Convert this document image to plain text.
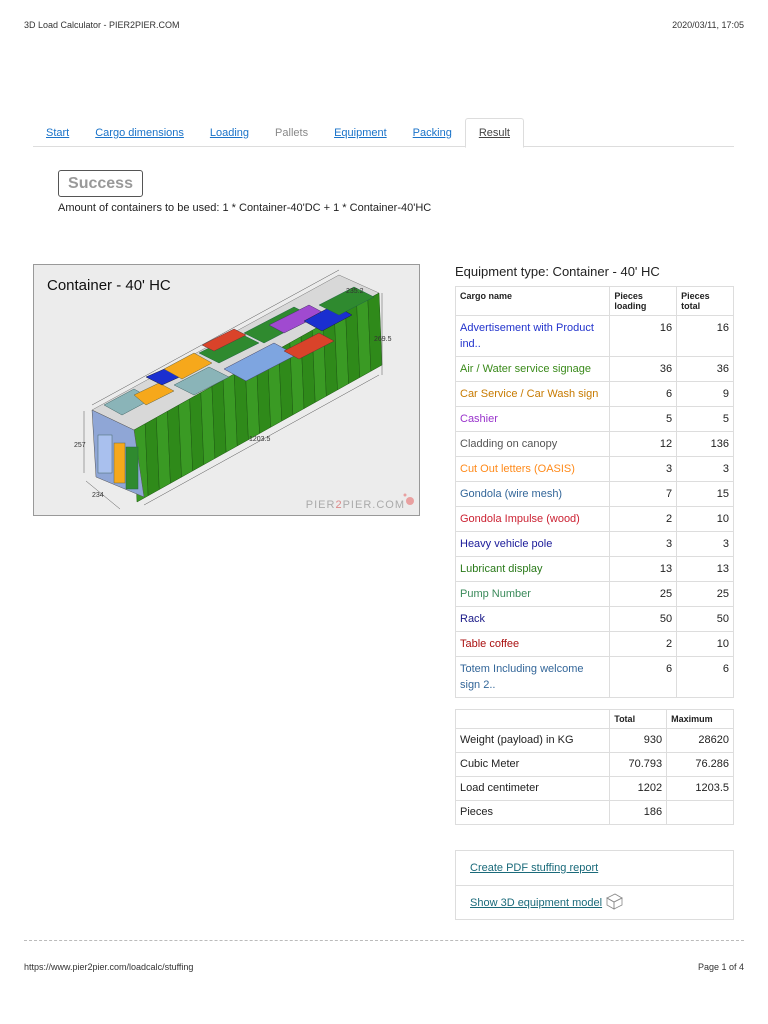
3D Load Calculator - PIER2PIER.COM	2020/03/11, 17:05
Start	Cargo dimensions	Loading	Pallets	Equipment	Packing	Result
Success
Amount of containers to be used: 1 * Container-40'DC + 1 * Container-40'HC
235.2
269.5
257
234
1203.5
Container - 40' HC
PIER2PIER.COM
Equipment type: Container - 40' HC
Cargo name	Pieces loading	Pieces total
Advertisement with Product ind..	16	16
Air / Water service signage	36	36
Car Service / Car Wash sign	6	9
Cashier	5	5
Cladding on canopy	12	136
Cut Out letters (OASIS)	3	3
Gondola (wire mesh)	7	15
Gondola Impulse (wood)	2	10
Heavy vehicle pole	3	3
Lubricant display	13	13
Pump Number	25	25
Rack	50	50
Table coffee	2	10
Totem Including welcome sign 2..	6	6
	Total	Maximum
Weight (payload) in KG	930	28620
Cubic Meter	70.793	76.286
Load centimeter	1202	1203.5
Pieces	186	
Create PDF stuffing report
Show 3D equipment model
https://www.pier2pier.com/loadcalc/stuffing	Page 1 of 4
